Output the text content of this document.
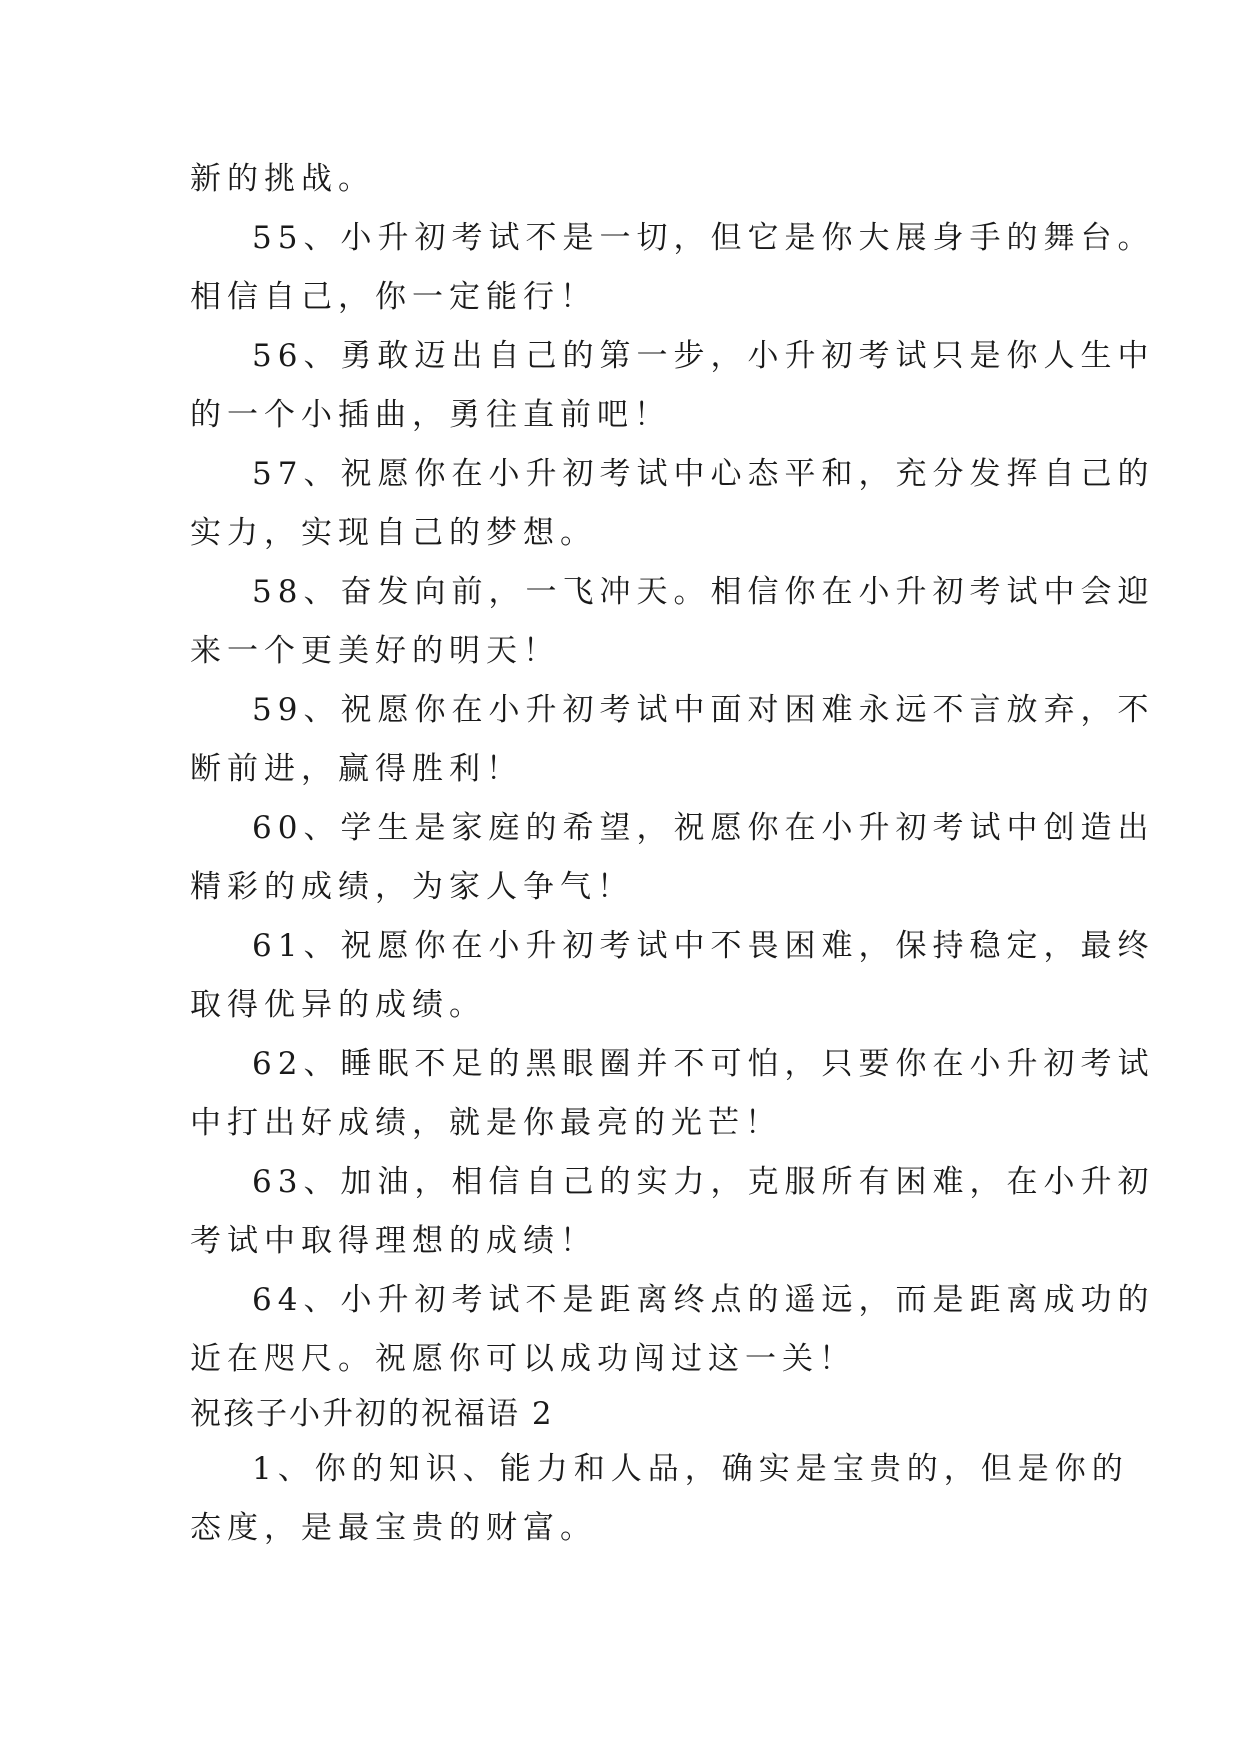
新的挑战。
55、小升初考试不是一切，但它是你大展身手的舞台。
相信自己，你一定能行！
56、勇敢迈出自己的第一步，小升初考试只是你人生中
的一个小插曲，勇往直前吧！
57、祝愿你在小升初考试中心态平和，充分发挥自己的
实力，实现自己的梦想。
58、奋发向前，一飞冲天。相信你在小升初考试中会迎
来一个更美好的明天！
59、祝愿你在小升初考试中面对困难永远不言放弃，不
断前进，赢得胜利！
60、学生是家庭的希望，祝愿你在小升初考试中创造出
精彩的成绩，为家人争气！
61、祝愿你在小升初考试中不畏困难，保持稳定，最终
取得优异的成绩。
62、睡眠不足的黑眼圈并不可怕，只要你在小升初考试
中打出好成绩，就是你最亮的光芒！
63、加油，相信自己的实力，克服所有困难，在小升初
考试中取得理想的成绩！
64、小升初考试不是距离终点的遥远，而是距离成功的
近在咫尺。祝愿你可以成功闯过这一关！
祝孩子小升初的祝福语 2
1、你的知识、能力和人品，确实是宝贵的，但是你的
态度，是最宝贵的财富。
